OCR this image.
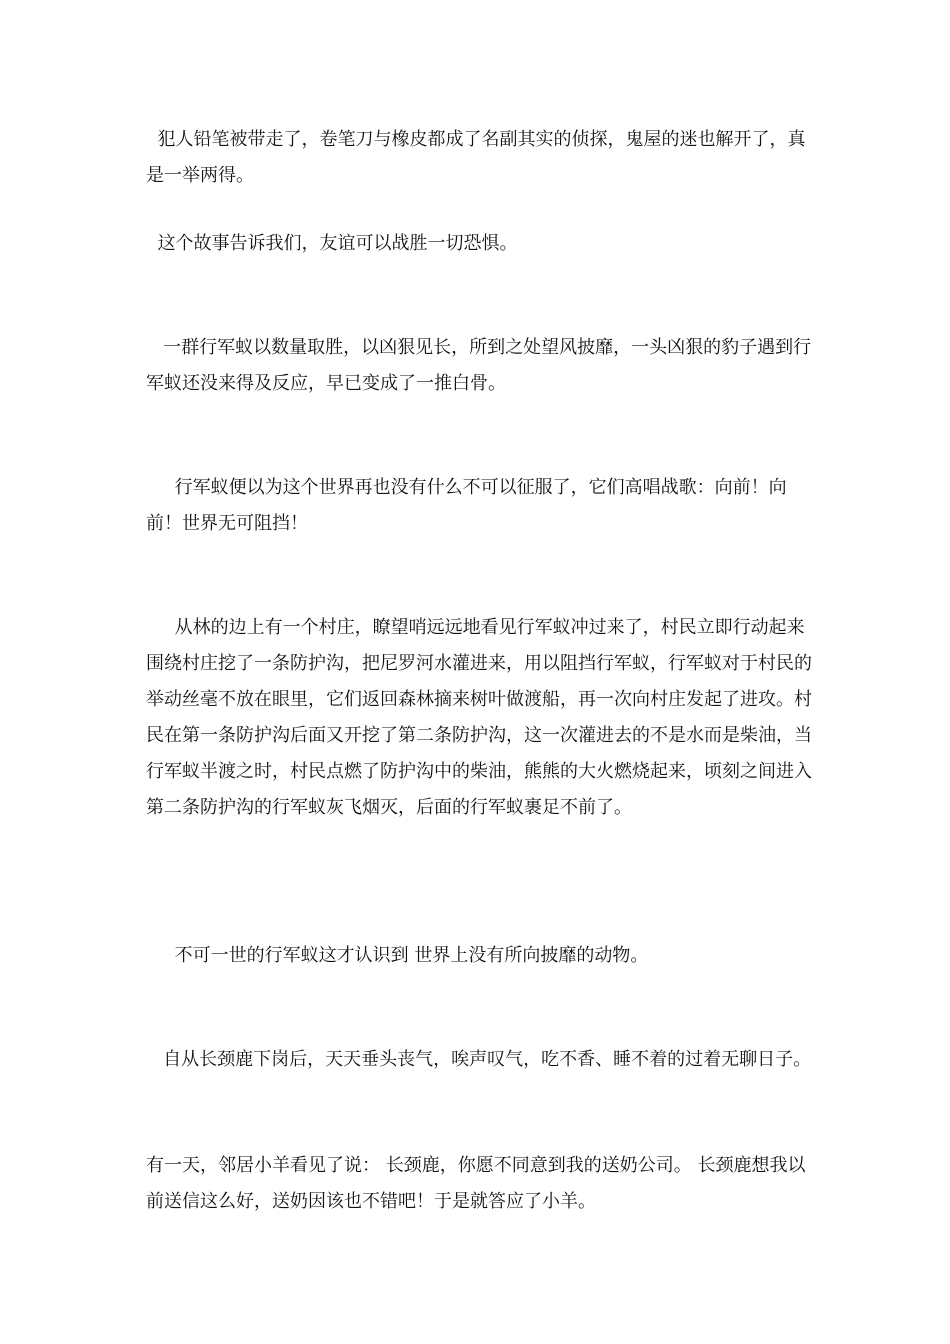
犯人铅笔被带走了，卷笔刀与橡皮都成了名副其实的侦探，鬼屋的迷也解开了，真是一举两得。

这个故事告诉我们，友谊可以战胜一切恐惧。

一群行军蚁以数量取胜，以凶狠见长，所到之处望风披靡，一头凶狠的豹子遇到行军蚁还没来得及反应，早已变成了一推白骨。

行军蚁便以为这个世界再也没有什么不可以征服了，它们高唱战歌：向前！向前！世界无可阻挡！

从林的边上有一个村庄，瞭望哨远远地看见行军蚁冲过来了，村民立即行动起来围绕村庄挖了一条防护沟，把尼罗河水灌进来，用以阻挡行军蚁，行军蚁对于村民的举动丝毫不放在眼里，它们返回森林摘来树叶做渡船，再一次向村庄发起了进攻。村民在第一条防护沟后面又开挖了第二条防护沟，这一次灌进去的不是水而是柴油，当行军蚁半渡之时，村民点燃了防护沟中的柴油，熊熊的大火燃烧起来，顷刻之间进入第二条防护沟的行军蚁灰飞烟灭，后面的行军蚁裹足不前了。

不可一世的行军蚁这才认识到 世界上没有所向披靡的动物。

自从长颈鹿下岗后，天天垂头丧气，唉声叹气，吃不香、睡不着的过着无聊日子。

有一天，邻居小羊看见了说： 长颈鹿，你愿不同意到我的送奶公司。 长颈鹿想我以前送信这么好，送奶因该也不错吧！于是就答应了小羊。
